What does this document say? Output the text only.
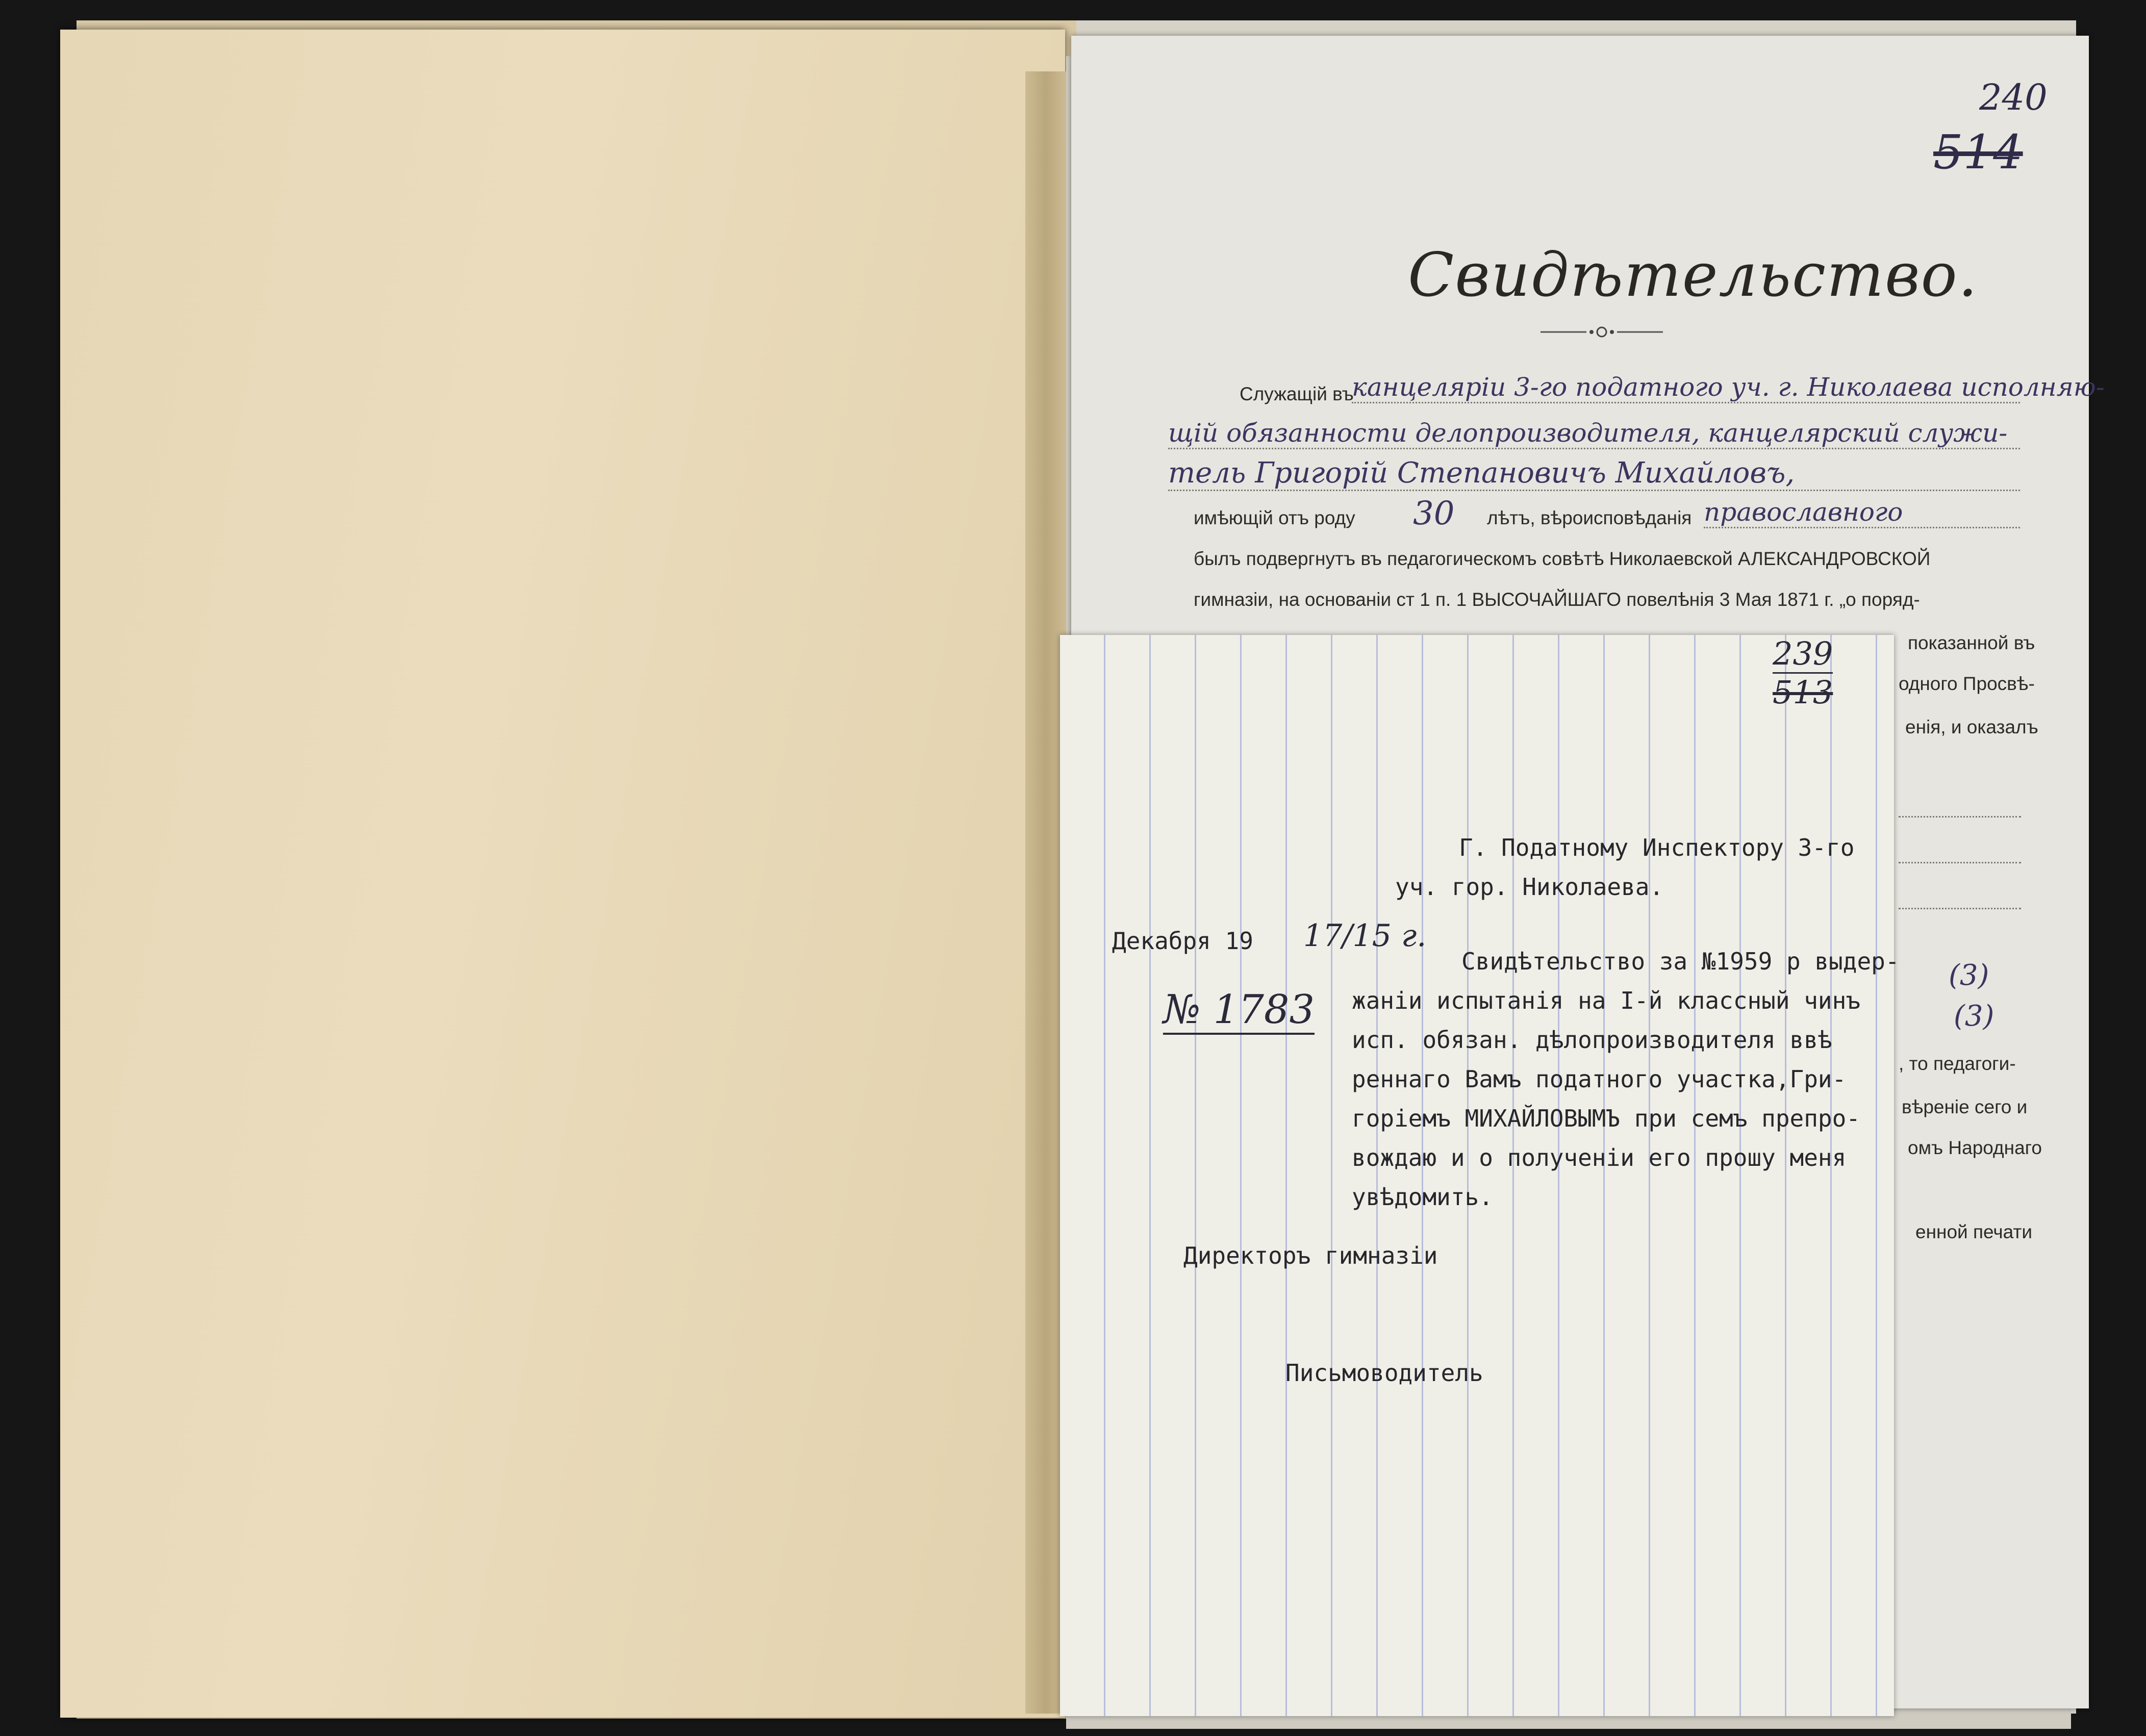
240
514
Свидѣтельство.
Служащій въ
канцелярiи 3-го податного уч. г. Николаева исполняю-
щiй обязанности делопроизводителя, канцелярский служи-
тель Григорiй Степановичъ Михайловъ,
имѣющій отъ роду 30 лѣтъ, вѣроисповѣданія православного
былъ подвергнутъ въ педагогическомъ совѣтѣ Николаевской АЛЕКСАНДРОВСКОЙ
гимназіи, на основаніи ст 1 п. 1 ВЫСОЧАЙШАГО повелѣнія 3 Мая 1871 г. „о поряд-
показанной въ
одного Просвѣ-
енія, и оказалъ
(3)
(3)
, то педагоги-
вѣреніе сего и
омъ Народнаго
енной печати
239
513
Г. Податному Инспектору 3-го
уч. гор. Николаева.
Декабря 19 17/15 г.
№ 1783
Свидѣтельство за №1959 р выдер-
жаніи испытанія на I-й классный чинъ
исп. обязан. дѣлопроизводителя ввѣ
реннаго Вамъ податного участка,Гри-
горіемъ МИХАЙЛОВЫМЪ при семъ препро-
вождаю и о полученіи его прошу меня
увѣдомить.
Директоръ гимназіи
Письмоводитель
